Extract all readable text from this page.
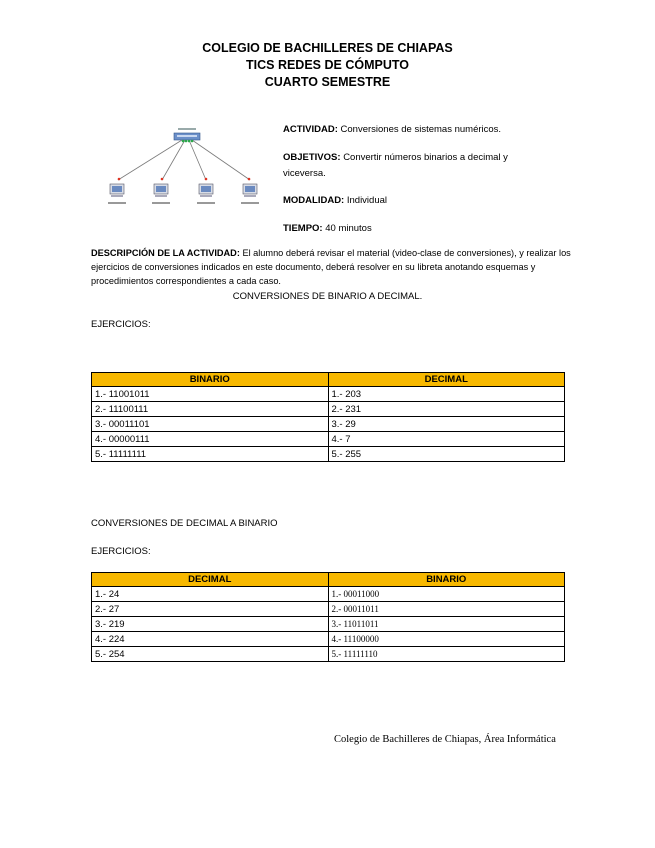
COLEGIO DE BACHILLERES DE CHIAPAS
TICS REDES DE CÓMPUTO
CUARTO SEMESTRE
ACTIVIDAD: Conversiones de sistemas numéricos.
OBJETIVOS: Convertir números binarios a decimal y viceversa.
MODALIDAD: Individual
TIEMPO: 40 minutos
DESCRIPCIÓN DE LA ACTIVIDAD: El alumno deberá revisar el material (video-clase de conversiones), y realizar los ejercicios de conversiones indicados en este documento, deberá resolver en su libreta anotando esquemas y procedimientos correspondientes a cada caso.
CONVERSIONES DE BINARIO A DECIMAL.
EJERCICIOS:
BINARIO	DECIMAL
1.- 11001011	1.- 203
2.- 11100111	2.- 231
3.- 00011101	3.- 29
4.- 00000111	4.- 7
5.- 11111111	5.- 255
CONVERSIONES DE DECIMAL A BINARIO
EJERCICIOS:
DECIMAL	BINARIO
1.- 24	1.- 00011000
2.- 27	2.- 00011011
3.- 219	3.- 11011011
4.- 224	4.- 11100000
5.- 254	5.- 11111110
Colegio de Bachilleres de Chiapas, Área Informática
